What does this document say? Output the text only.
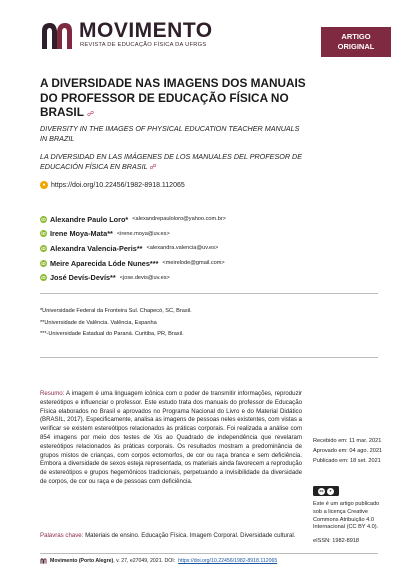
MOVIMENTO
REVISTA DE EDUCAÇÃO FÍSICA DA UFRGS
ARTIGO
ORIGINAL
A DIVERSIDADE NAS IMAGENS DOS MANUAIS DO PROFESSOR DE EDUCAÇÃO FÍSICA NO BRASIL ☍

DIVERSITY IN THE IMAGES OF PHYSICAL EDUCATION TEACHER MANUALS IN BRAZIL

LA DIVERSIDAD EN LAS IMÁGENES DE LOS MANUALES DEL PROFESOR DE EDUCACIÓN FÍSICA EN BRASIL ☍

● https://doi.org/10.22456/1982-8918.112065
iD Alexandre Paulo Loro * <alexandrepauloloro@yahoo.com.br>
iD Irene Moya-Mata ** <irene.moya@uv.es>
iD Alexandra Valencia-Peris ** <alexandra.valencia@uv.es>
iD Meire Aparecida Lóde Nunes *** <meirelode@gmail.com>
iD José Devís-Devís ** <jose.devis@uv.es>
*Universidade Federal da Fronteira Sul. Chapecó, SC, Brasil.
**Universidade de Valência. Valência, Espanha
***-Universidade Estadual do Paraná. Curitiba, PR, Brasil.

Resumo: A imagem é uma linguagem icônica com o poder de transmitir informações, reproduzir estereótipos e influenciar o professor. Este estudo trata dos manuais do professor de Educação Física elaborados no Brasil e aprovados no Programa Nacional do Livro e do Material Didático (BRASIL, 2017). Especificamente, analisa as imagens de pessoas neles existentes, com vistas a verificar se existem estereótipos relacionados às práticas corporais. Foi realizada a análise com 854 imagens por meio dos testes de Xis ao Quadrado de independência que revelaram estereótipos relacionados às práticas corporais. Os resultados mostram a predominância de grupos mistos de crianças, com corpos ectomorfos, de cor ou raça branca e sem deficiência. Embora a diversidade de sexos esteja representada, os materiais ainda favorecem a reprodução de estereótipos e grupos hegemônicos tradicionais, perpetuando a invisibilidade da diversidade de corpos, de cor ou raça e de pessoas com deficiência.

Palavras chave: Materiais de ensino. Educação Física. Imagem Corporal. Diversidade cultural.

Recebido em: 11 mar. 2021
Aprovado em: 04 ago. 2021
Publicado em: 18 set. 2021
cc	●

Este é um artigo publicado sob a licença Creative Commons Atribuição 4.0 Internacional (CC BY 4.0).

eISSN: 1982-8918
Movimento (Porto Alegre), v. 27, e27049, 2021. DOI: https://doi.org/10.22456/1982-8918.112065
